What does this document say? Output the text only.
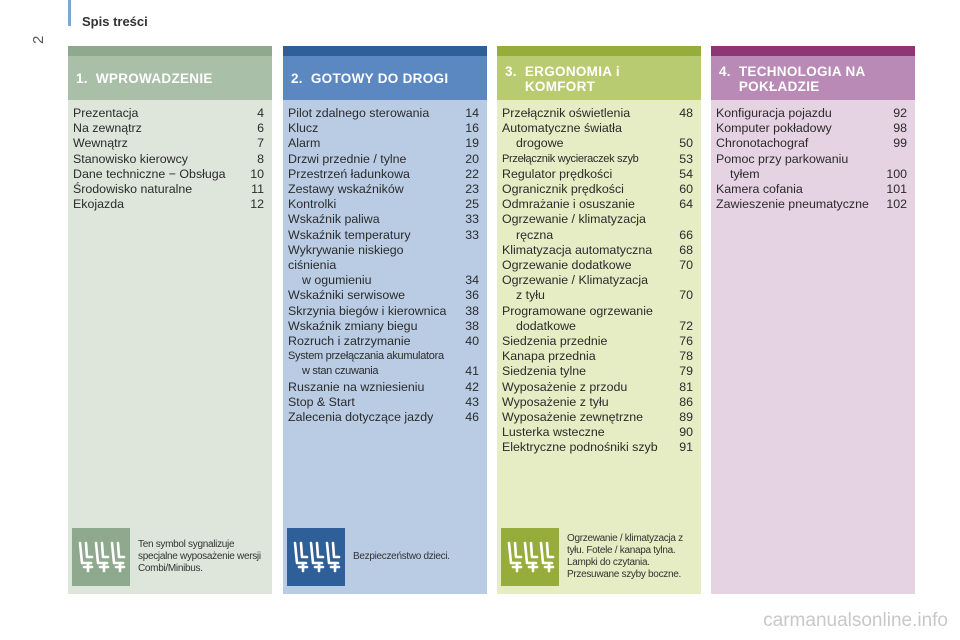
2
Spis treści
1. WPROWADZENIE
Prezentacja	4
Na zewnątrz	6
Wewnątrz	7
Stanowisko kierowcy	8
Dane techniczne − Obsługa	10
Środowisko naturalne	11
Ekojazda	12
Ten symbol sygnalizuje specjalne wyposażenie wersji Combi/Minibus.
2. GOTOWY DO DROGI
Pilot zdalnego sterowania	14
Klucz	16
Alarm	19
Drzwi przednie / tylne	20
Przestrzeń ładunkowa	22
Zestawy wskaźników	23
Kontrolki	25
Wskaźnik paliwa	33
Wskaźnik temperatury	33
Wykrywanie niskiego ciśnienia
w ogumieniu	34
Wskaźniki serwisowe	36
Skrzynia biegów i kierownica	38
Wskaźnik zmiany biegu	38
Rozruch i zatrzymanie	40
System przełączania akumulatora
w stan czuwania	41
Ruszanie na wzniesieniu	42
Stop & Start	43
Zalecenia dotyczące jazdy	46
Bezpieczeństwo dzieci.
3. ERGONOMIA i
KOMFORT
Przełącznik oświetlenia	48
Automatyczne światła
drogowe	50
Przełącznik wycieraczek szyb	53
Regulator prędkości	54
Ogranicznik prędkości	60
Odmrażanie i osuszanie	64
Ogrzewanie / klimatyzacja
ręczna	66
Klimatyzacja automatyczna	68
Ogrzewanie dodatkowe	70
Ogrzewanie / Klimatyzacja
z tyłu	70
Programowane ogrzewanie
dodatkowe	72
Siedzenia przednie	76
Kanapa przednia	78
Siedzenia tylne	79
Wyposażenie z przodu	81
Wyposażenie z tyłu	86
Wyposażenie zewnętrzne	89
Lusterka wsteczne	90
Elektryczne podnośniki szyb	91
Ogrzewanie / klimatyzacja z tyłu. Fotele / kanapa tylna. Lampki do czytania. Przesuwane szyby boczne.
4. TECHNOLOGIA NA
POKŁADZIE
Konfiguracja pojazdu	92
Komputer pokładowy	98
Chronotachograf	99
Pomoc przy parkowaniu
tyłem	100
Kamera cofania	101
Zawieszenie pneumatyczne	102
carmanualsonline.info
